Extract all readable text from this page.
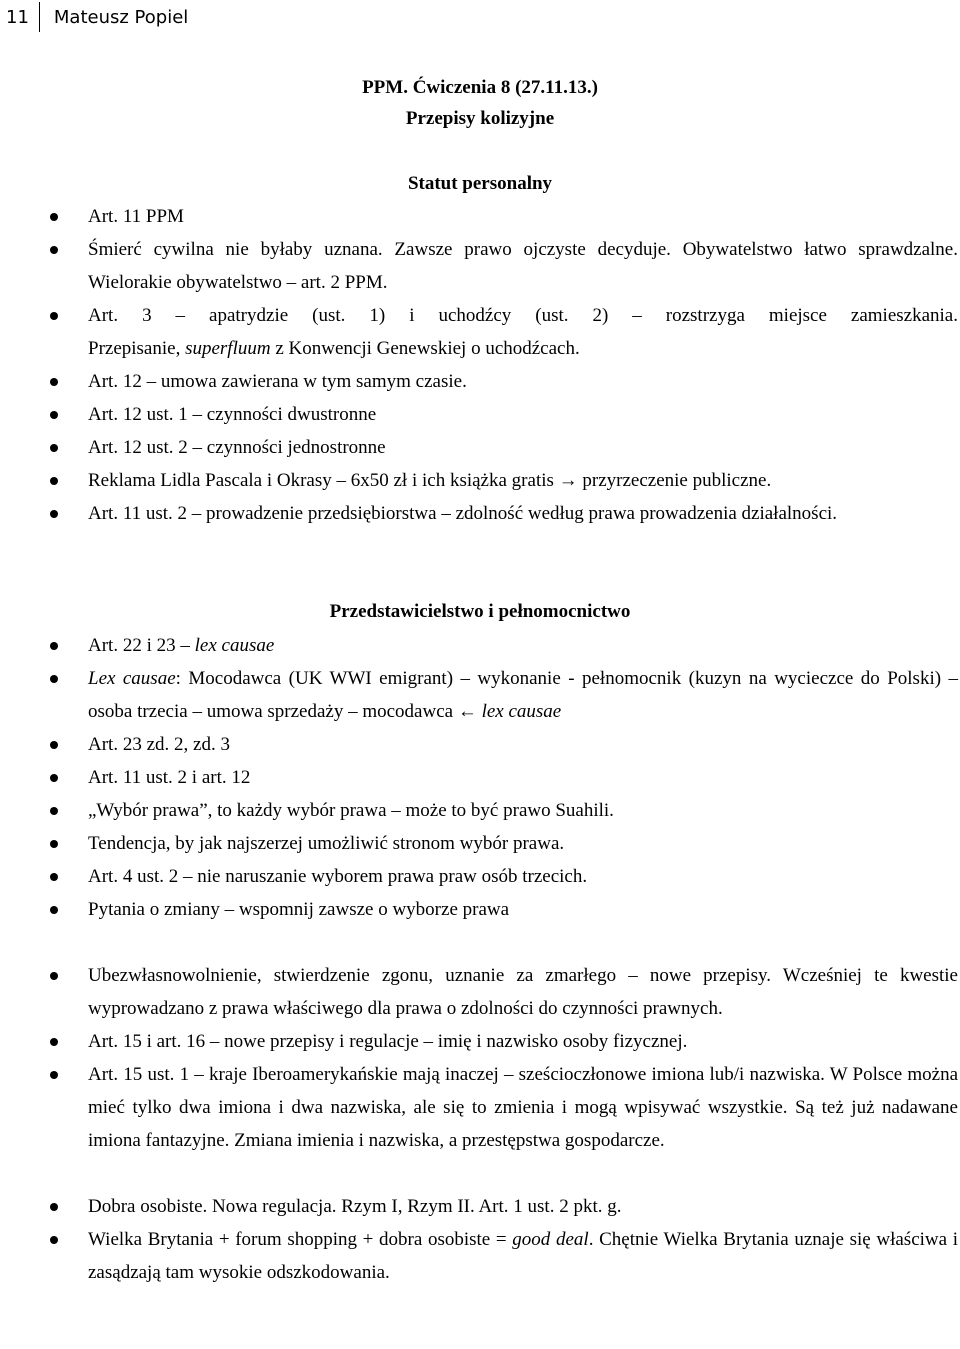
11	Mateusz Popiel
PPM. Ćwiczenia 8 (27.11.13.)
Przepisy kolizyjne
Statut personalny
Art. 11 PPM
Śmierć cywilna nie byłaby uznana. Zawsze prawo ojczyste decyduje. Obywatelstwo łatwo sprawdzalne. Wielorakie obywatelstwo – art. 2 PPM.
Art. 3 – apatrydzie (ust. 1) i uchodźcy (ust. 2) – rozstrzyga miejsce zamieszkania.
Przepisanie, superfluum z Konwencji Genewskiej o uchodźcach.
Art. 12 – umowa zawierana w tym samym czasie.
Art. 12 ust. 1 – czynności dwustronne
Art. 12 ust. 2 – czynności jednostronne
Reklama Lidla Pascala i Okrasy – 6x50 zł i ich książka gratis → przyrzeczenie publiczne.
Art. 11 ust. 2 – prowadzenie przedsiębiorstwa – zdolność według prawa prowadzenia działalności.
Przedstawicielstwo i pełnomocnictwo
Art. 22 i 23 – lex causae
Lex causae: Mocodawca (UK WWI emigrant) – wykonanie - pełnomocnik (kuzyn na wycieczce do Polski) – osoba trzecia – umowa sprzedaży – mocodawca ← lex causae
Art. 23 zd. 2, zd. 3
Art. 11 ust. 2 i art. 12
„Wybór prawa”, to każdy wybór prawa – może to być prawo Suahili.
Tendencja, by jak najszerzej umożliwić stronom wybór prawa.
Art. 4 ust. 2 – nie naruszanie wyborem prawa praw osób trzecich.
Pytania o zmiany – wspomnij zawsze o wyborze prawa
Ubezwłasnowolnienie, stwierdzenie zgonu, uznanie za zmarłego – nowe przepisy. Wcześniej te kwestie wyprowadzano z prawa właściwego dla prawa o zdolności do czynności prawnych.
Art. 15 i art. 16 – nowe przepisy i regulacje – imię i nazwisko osoby fizycznej.
Art. 15 ust. 1 – kraje Iberoamerykańskie mają inaczej – sześcioczłonowe imiona lub/i nazwiska. W Polsce można mieć tylko dwa imiona i dwa nazwiska, ale się to zmienia i mogą wpisywać wszystkie. Są też już nadawane imiona fantazyjne. Zmiana imienia i nazwiska, a przestępstwa gospodarcze.
Dobra osobiste. Nowa regulacja. Rzym I, Rzym II. Art. 1 ust. 2 pkt. g.
Wielka Brytania + forum shopping + dobra osobiste = good deal. Chętnie Wielka Brytania uznaje się właściwa i zasądzają tam wysokie odszkodowania.
